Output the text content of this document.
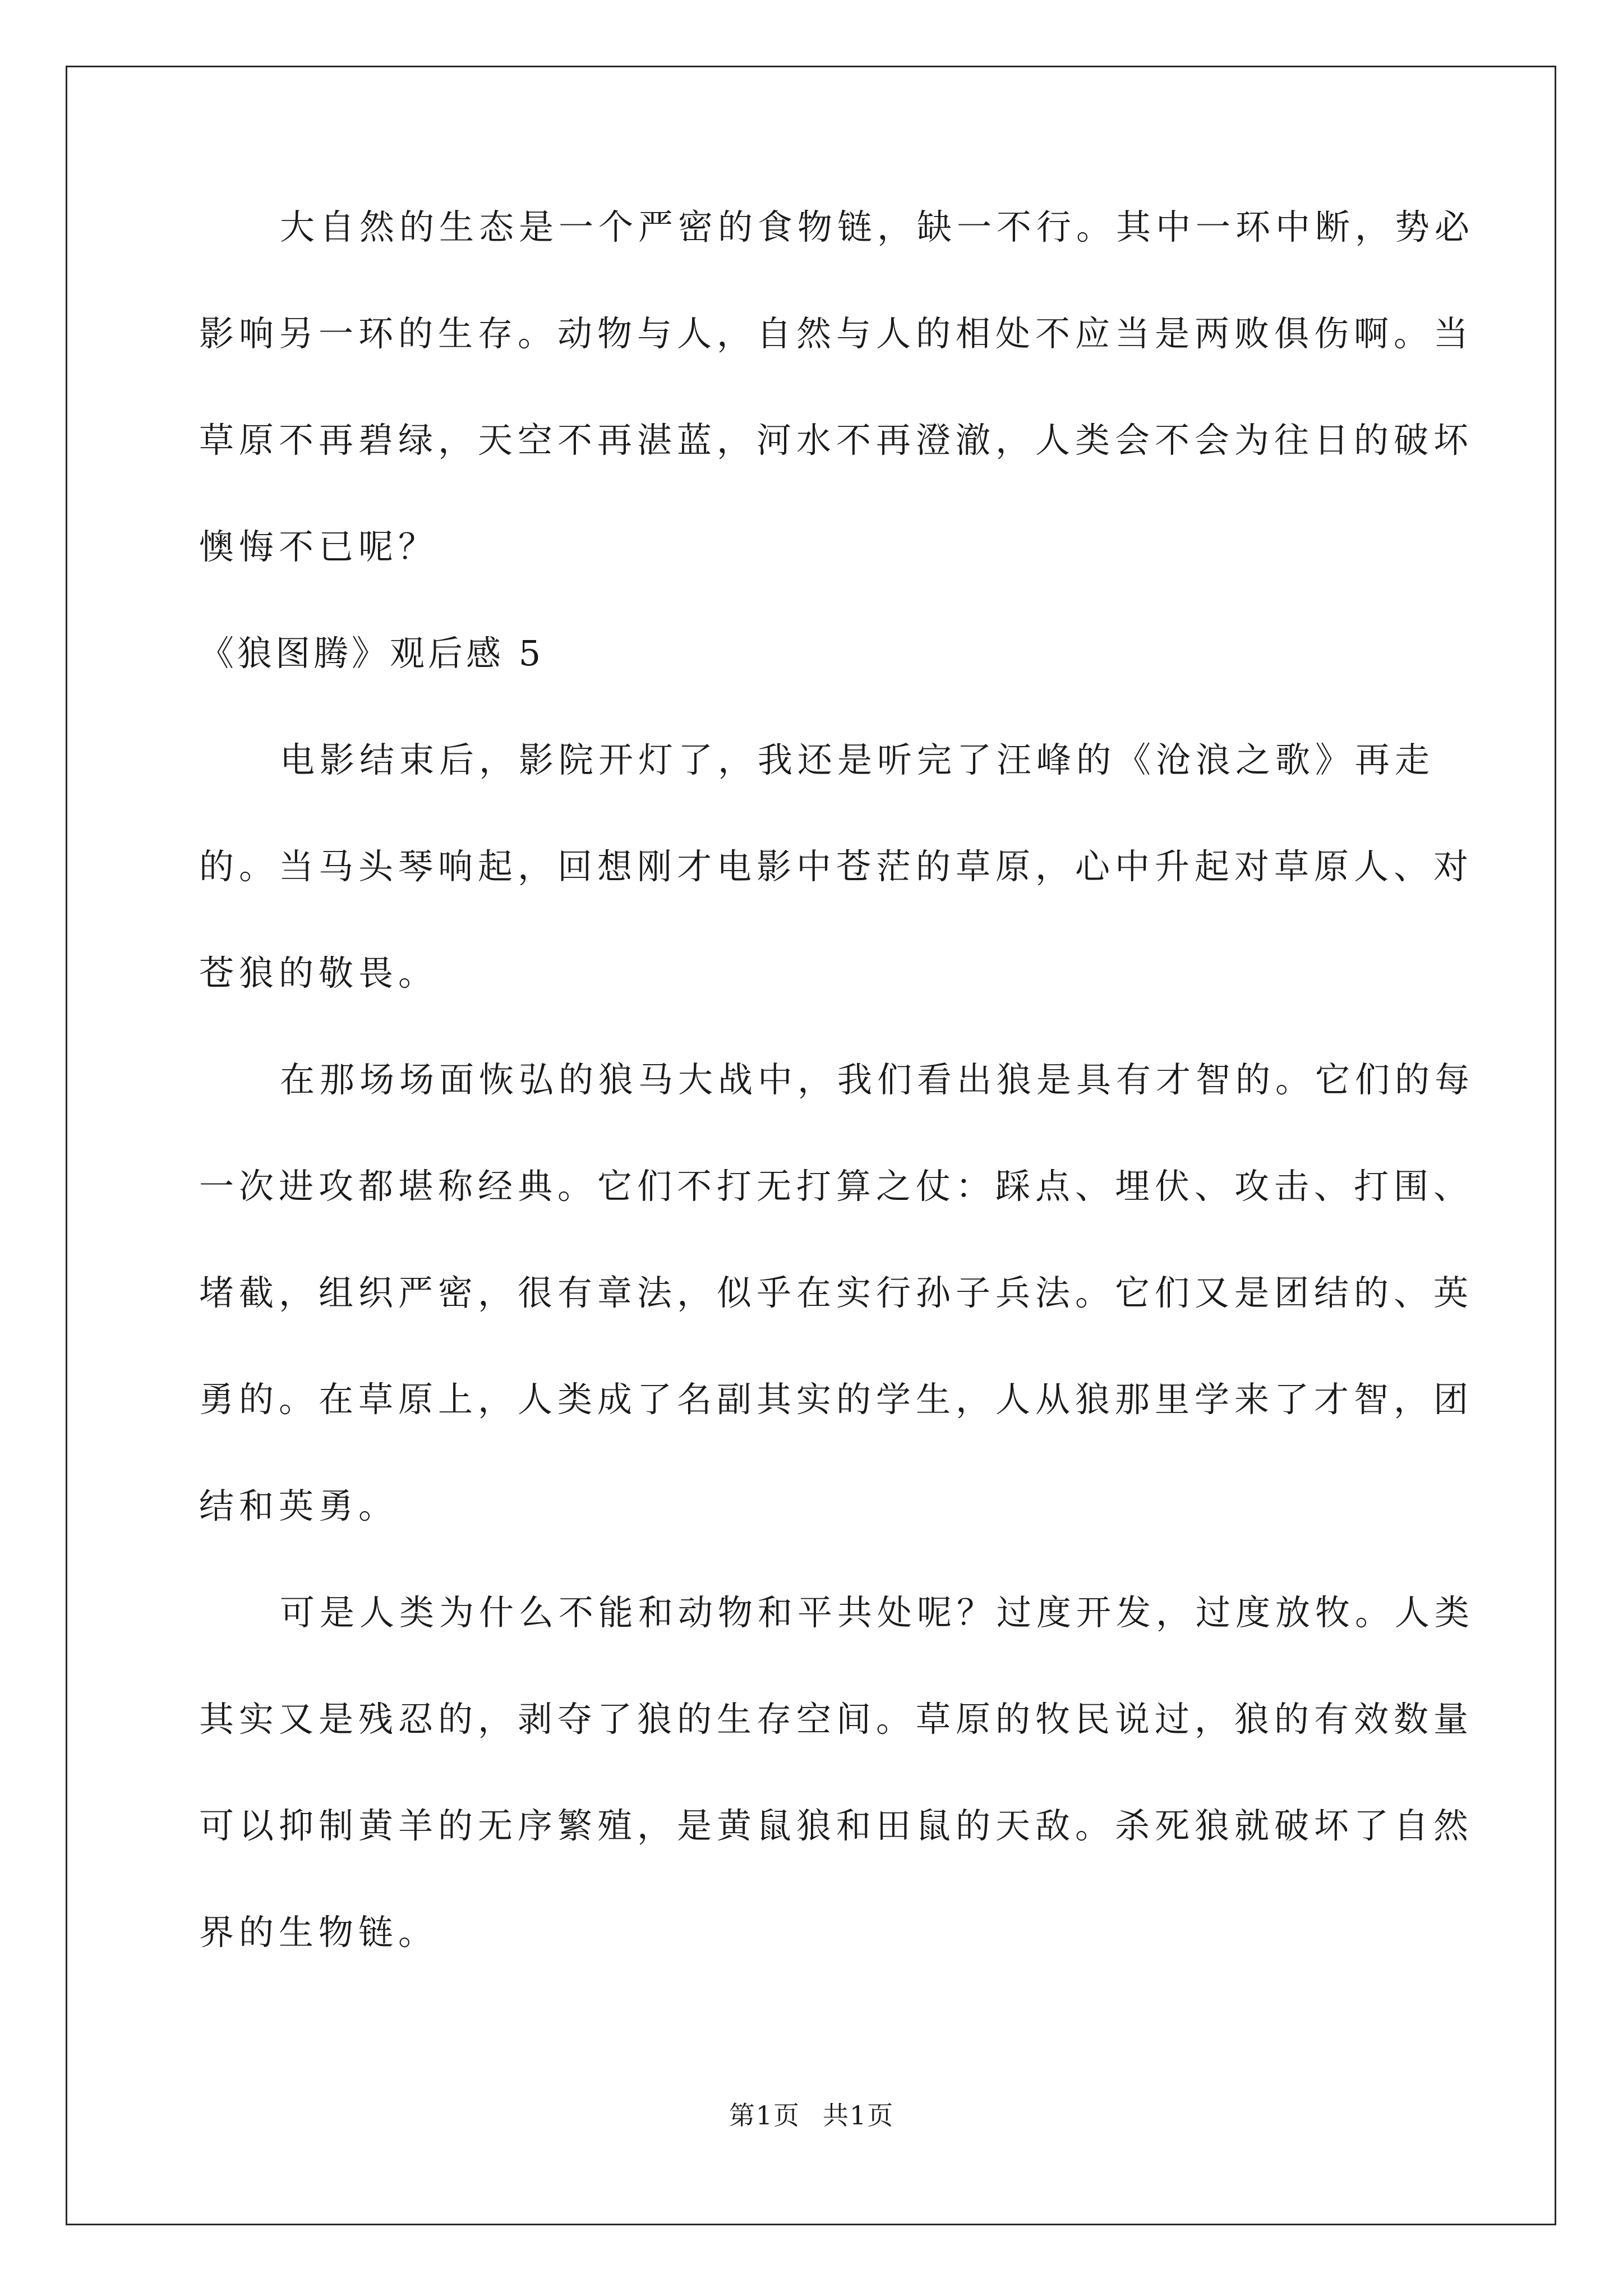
大自然的生态是一个严密的食物链，缺一不行。其中一环中断，势必影响另一环的生存。动物与人，自然与人的相处不应当是两败俱伤啊。当草原不再碧绿，天空不再湛蓝，河水不再澄澈，人类会不会为往日的破坏懊悔不已呢？

《狼图腾》观后感 5

电影结束后，影院开灯了，我还是听完了汪峰的《沧浪之歌》再走的。当马头琴响起，回想刚才电影中苍茫的草原，心中升起对草原人、对苍狼的敬畏。

在那场场面恢弘的狼马大战中，我们看出狼是具有才智的。它们的每一次进攻都堪称经典。它们不打无打算之仗：踩点、埋伏、攻击、打围、堵截，组织严密，很有章法，似乎在实行孙子兵法。它们又是团结的、英勇的。在草原上，人类成了名副其实的学生，人从狼那里学来了才智，团结和英勇。

可是人类为什么不能和动物和平共处呢？过度开发，过度放牧。人类其实又是残忍的，剥夺了狼的生存空间。草原的牧民说过，狼的有效数量可以抑制黄羊的无序繁殖，是黄鼠狼和田鼠的天敌。杀死狼就破坏了自然界的生物链。

第1页 共1页
